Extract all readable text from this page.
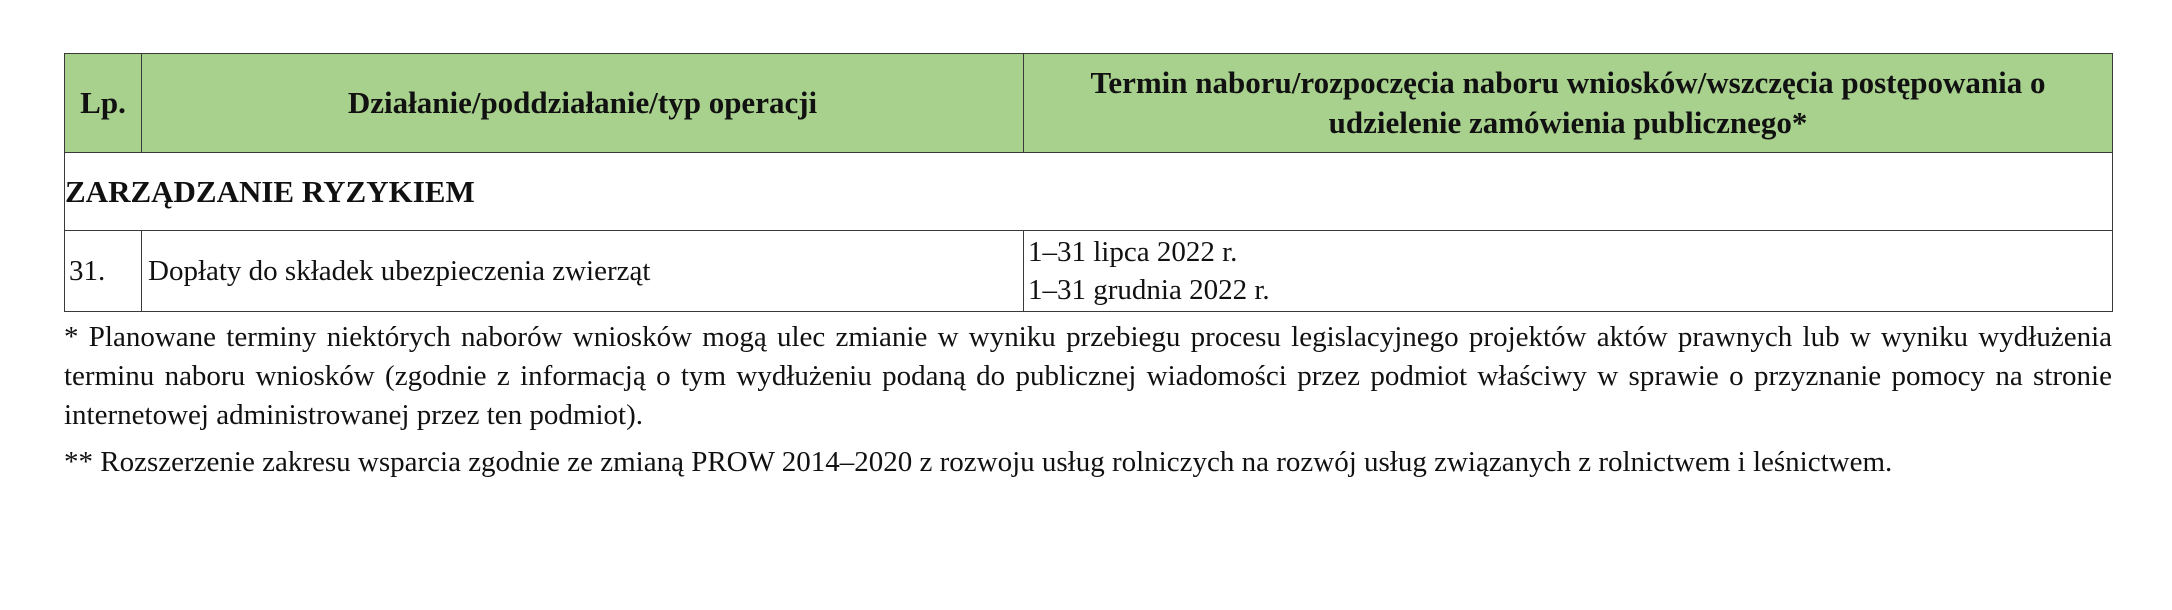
Lp.	Działanie/poddziałanie/typ operacji	Termin naboru/rozpoczęcia naboru wniosków/wszczęcia postępowania o udzielenie zamówienia publicznego*

ZARZĄDZANIE RYZYKIEM		
31.	Dopłaty do składek ubezpieczenia zwierząt	1–31 lipca 2022 r.
1–31 grudnia 2022 r.

* Planowane terminy niektórych naborów wniosków mogą ulec zmianie w wyniku przebiegu procesu legislacyjnego projektów aktów prawnych lub w wyniku wydłużenia terminu naboru wniosków (zgodnie z informacją o tym wydłużeniu podaną do publicznej wiadomości przez podmiot właściwy w sprawie o przyznanie pomocy na stronie internetowej administrowanej przez ten podmiot).

** Rozszerzenie zakresu wsparcia zgodnie ze zmianą PROW 2014–2020 z rozwoju usług rolniczych na rozwój usług związanych z rolnictwem i leśnictwem.
